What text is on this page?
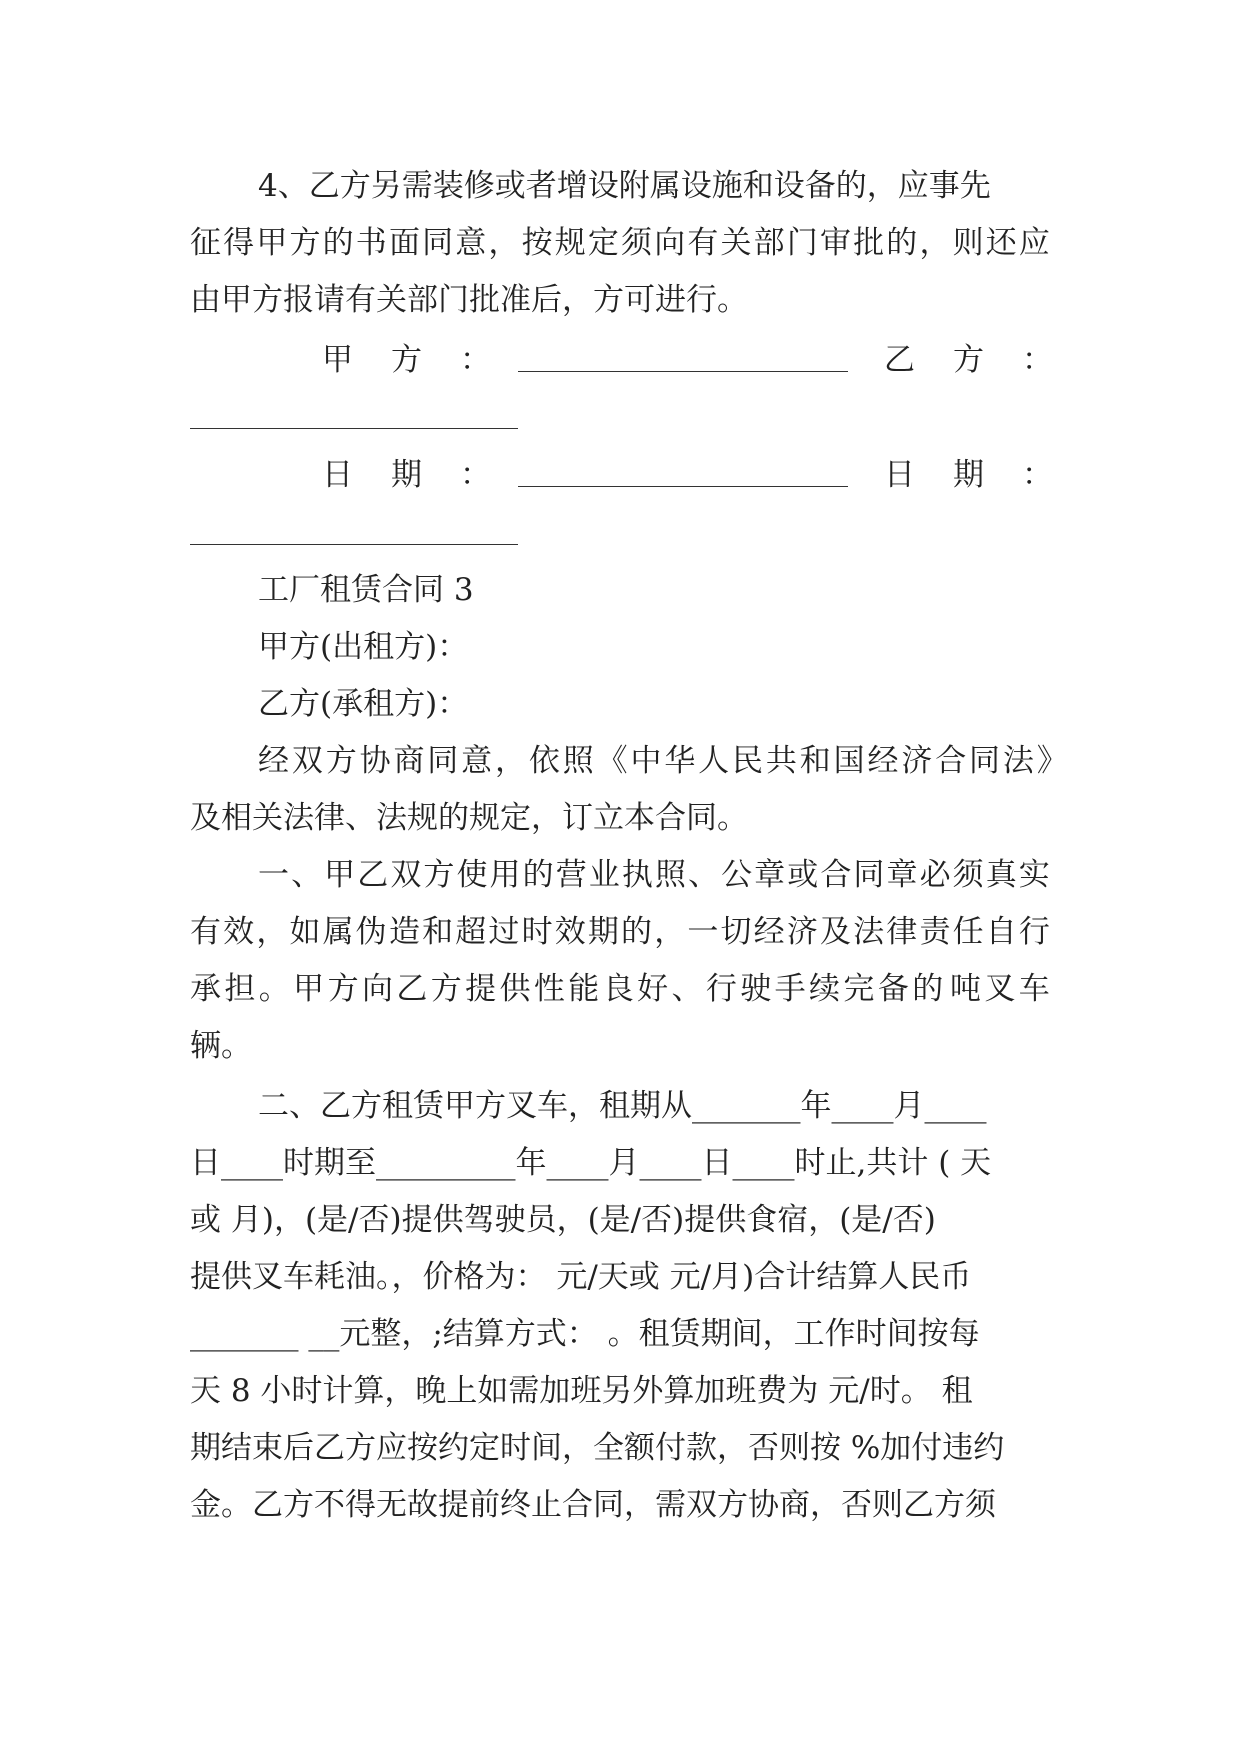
4、乙方另需装修或者增设附属设施和设备的，应事先
征 得 甲 方 的 书 面 同 意 ， 按 规 定 须 向 有 关 部 门 审 批 的 ， 则 还 应
由甲方报请有关部门批准后，方可进行。
甲方：	乙方：
日期：	日期：
工厂租赁合同 3
甲方(出租方)：
乙方(承租方)：
经 双 方 协 商 同 意 ， 依 照 《 中 华 人 民 共 和 国 经 济 合 同 法 》
及相关法律、法规的规定，订立本合同。
一 、 甲 乙 双 方 使 用 的 营 业 执 照 、 公 章 或 合 同 章 必 须 真 实
有 效 ， 如 属 伪 造 和 超 过 时 效 期 的 ， 一 切 经 济 及 法 律 责 任 自 行
承 担 。 甲 方 向 乙 方 提 供 性 能 良 好 、 行 驶 手 续 完 备 的 吨 叉 车
辆。
二、乙方租赁甲方叉车，租期从_______年____月____
日____时期至_________年____月____日____时止,共计 ( 天
或 月)，(是/否)提供驾驶员，(是/否)提供食宿，(是/否)
提供叉车耗油。，价格为： 元/天或 元/月)合计结算人民币
_______ __元整，;结算方式： 。租赁期间，工作时间按每
天 8 小时计算，晚上如需加班另外算加班费为 元/时。 租
期结束后乙方应按约定时间，全额付款，否则按 %加付违约
金。乙方不得无故提前终止合同，需双方协商，否则乙方须
